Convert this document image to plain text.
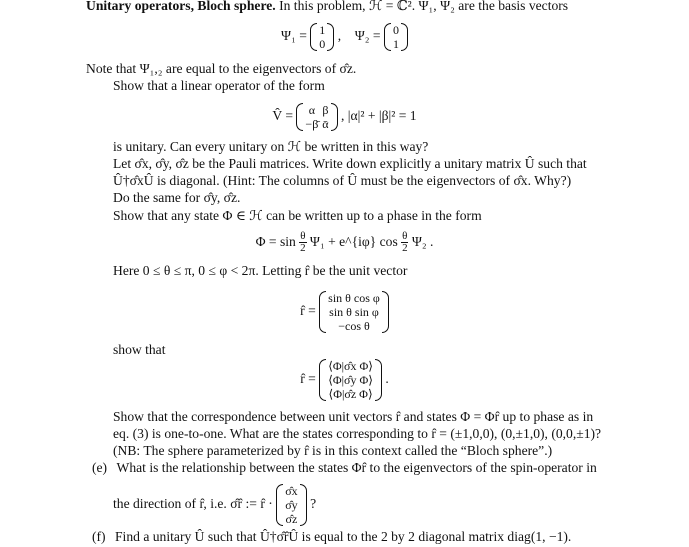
Unitary operators, Bloch sphere. In this problem, ℋ = ℂ². Ψ₁, Ψ₂ are the basis vectors
Ψ₁ = 1
0
, Ψ₂ = 0
1
Note that Ψ₁,₂ are equal to the eigenvectors of σ̂z.
Show that a linear operator of the form
V̂ = α	β
−β̄	ᾱ
, |α|² + |β|² = 1
is unitary. Can every unitary on ℋ be written in this way?
Let σ̂x, σ̂y, σ̂z be the Pauli matrices. Write down explicitly a unitary matrix Û such that
Û†σ̂xÛ is diagonal. (Hint: The columns of Û must be the eigenvectors of σ̂x. Why?)
Do the same for σ̂y, σ̂z.
Show that any state Φ ∈ ℋ can be written up to a phase in the form
$\Phi = \sin \frac{\theta}{2} \Psi_1$ + e^{iφ} $\cos \frac{\theta}{2} \Psi_2$ .
Here 0 ≤ θ ≤ π, 0 ≤ φ < 2π. Letting r̂ be the unit vector
r̂ =
sin θ cos φ
sin θ sin φ
−cos θ
show that
r̂ =
⟨Φ|σ̂x Φ⟩
⟨Φ|σ̂y Φ⟩
⟨Φ|σ̂z Φ⟩
.
Show that the correspondence between unit vectors r̂ and states Φ = Φr̂ up to phase as in
eq. (3) is one-to-one. What are the states corresponding to r̂ = (±1,0,0), (0,±1,0), (0,0,±1)?
(NB: The sphere parameterized by r̂ is in this context called the “Bloch sphere”.)
(e) What is the relationship between the states Φr̂ to the eigenvectors of the spin-operator in
the direction of r̂, i.e. σ̂r̂ := r̂ ·
σ̂x
σ̂y
σ̂z
?
(f) Find a unitary Û such that Û†σ̂r̂Û is equal to the 2 by 2 diagonal matrix diag(1, −1).
